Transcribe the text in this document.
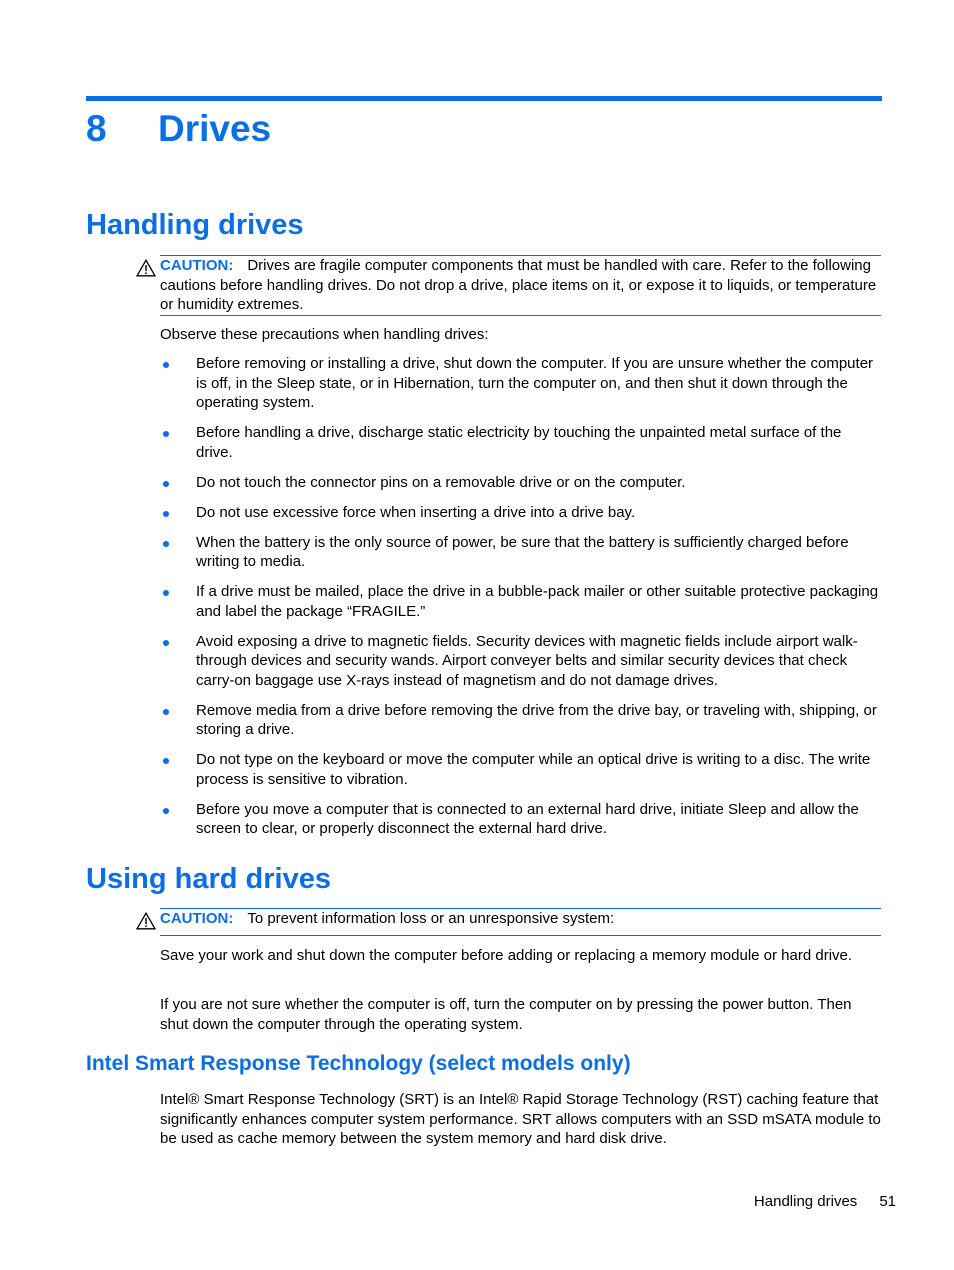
8 Drives
Handling drives
CAUTION: Drives are fragile computer components that must be handled with care. Refer to the following cautions before handling drives. Do not drop a drive, place items on it, or expose it to liquids, or temperature or humidity extremes.

Observe these precautions when handling drives:

Before removing or installing a drive, shut down the computer. If you are unsure whether the computer is off, in the Sleep state, or in Hibernation, turn the computer on, and then shut it down through the operating system.
Before handling a drive, discharge static electricity by touching the unpainted metal surface of the drive.
Do not touch the connector pins on a removable drive or on the computer.
Do not use excessive force when inserting a drive into a drive bay.
When the battery is the only source of power, be sure that the battery is sufficiently charged before writing to media.
If a drive must be mailed, place the drive in a bubble-pack mailer or other suitable protective packaging and label the package “FRAGILE.”
Avoid exposing a drive to magnetic fields. Security devices with magnetic fields include airport walk-through devices and security wands. Airport conveyer belts and similar security devices that check carry-on baggage use X-rays instead of magnetism and do not damage drives.
Remove media from a drive before removing the drive from the drive bay, or traveling with, shipping, or storing a drive.
Do not type on the keyboard or move the computer while an optical drive is writing to a disc. The write process is sensitive to vibration.
Before you move a computer that is connected to an external hard drive, initiate Sleep and allow the screen to clear, or properly disconnect the external hard drive.
Using hard drives
CAUTION: To prevent information loss or an unresponsive system:

Save your work and shut down the computer before adding or replacing a memory module or hard drive.

If you are not sure whether the computer is off, turn the computer on by pressing the power button. Then shut down the computer through the operating system.

Intel Smart Response Technology (select models only)

Intel® Smart Response Technology (SRT) is an Intel® Rapid Storage Technology (RST) caching feature that significantly enhances computer system performance. SRT allows computers with an SSD mSATA module to be used as cache memory between the system memory and hard disk drive.

Handling drives 51
